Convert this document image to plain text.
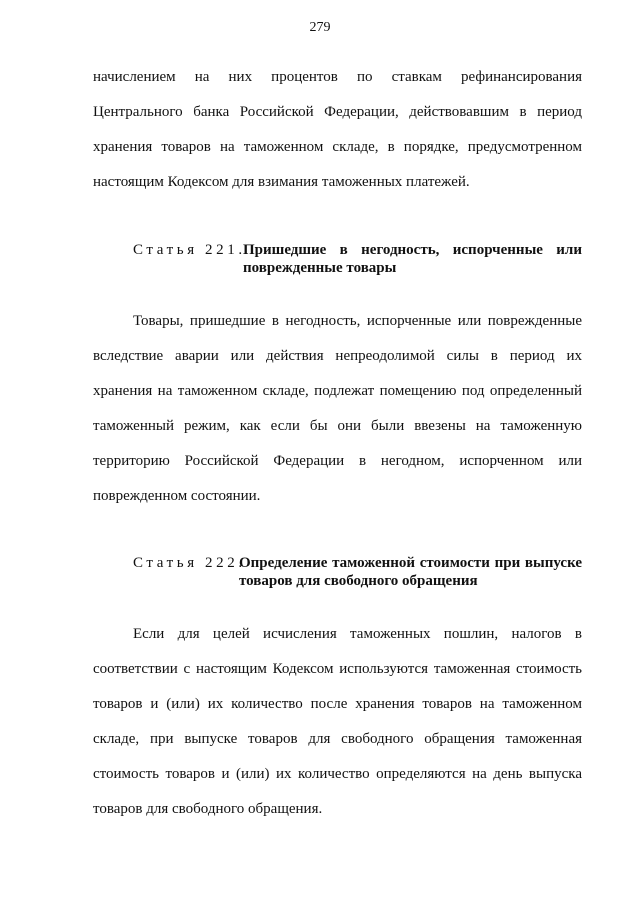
279
начислением на них процентов по ставкам рефинансирования
Центрального банка Российской Федерации, действовавшим в период
хранения товаров на таможенном складе, в порядке, предусмотренном
настоящим Кодексом для взимания таможенных платежей.
Статья 221.
Пришедшие в негодность, испорченные или
поврежденные товары
Товары, пришедшие в негодность, испорченные или поврежденные
вследствие аварии или действия непреодолимой силы в период их
хранения на таможенном складе, подлежат помещению под определенный
таможенный режим, как если бы они были ввезены на таможенную
территорию Российской Федерации в негодном, испорченном или
поврежденном состоянии.
Статья 222.
Определение таможенной стоимости при выпуске
товаров для свободного обращения
Если для целей исчисления таможенных пошлин, налогов в
соответствии с настоящим Кодексом используются таможенная стоимость
товаров и (или) их количество после хранения товаров на таможенном
складе, при выпуске товаров для свободного обращения таможенная
стоимость товаров и (или) их количество определяются на день выпуска
товаров для свободного обращения.
